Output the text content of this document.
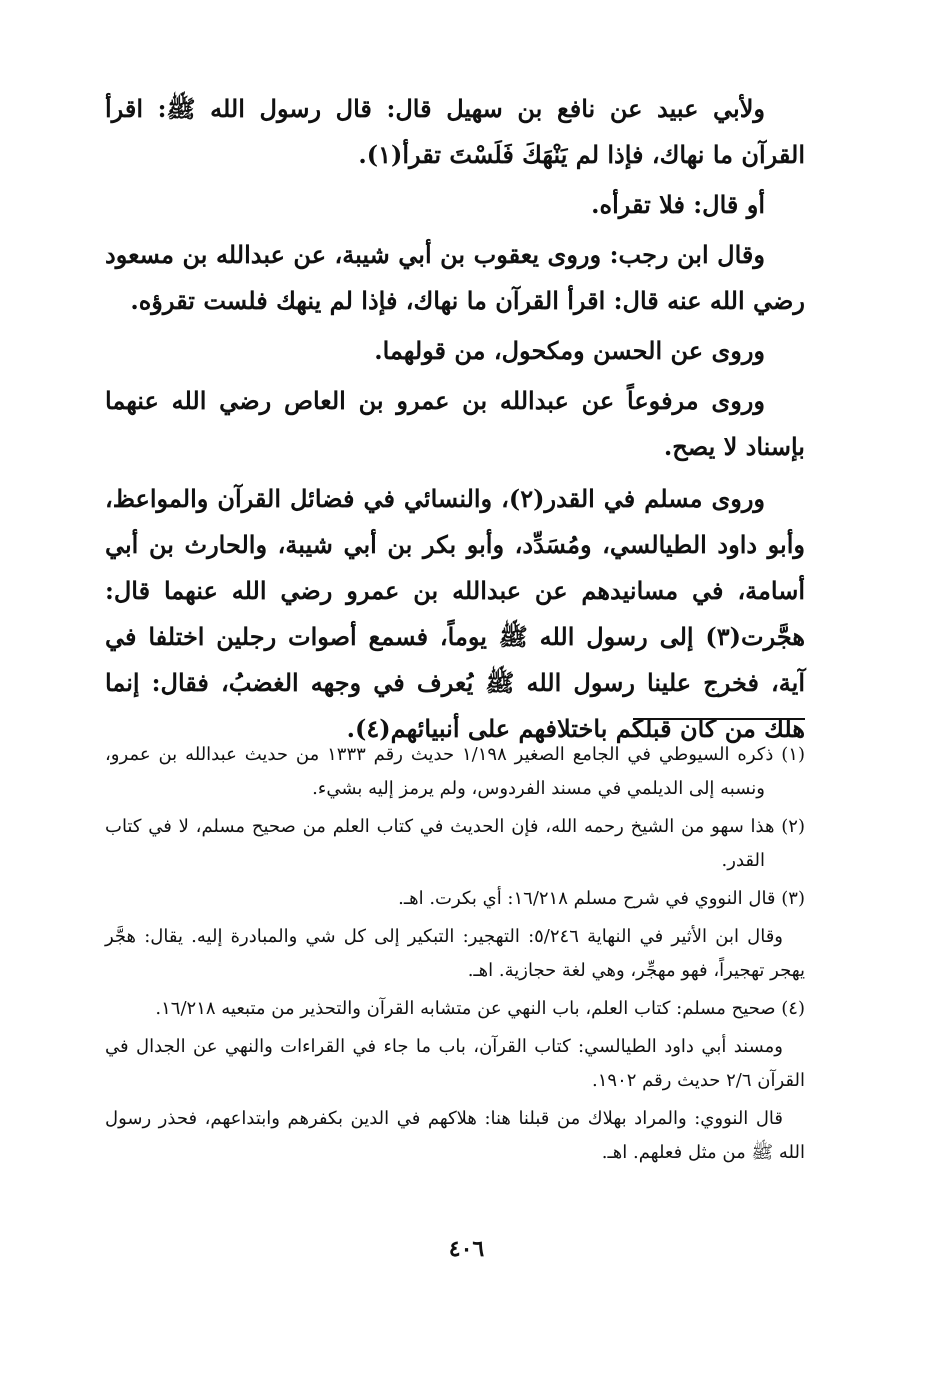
ولأبي عبيد عن نافع بن سهيل قال: قال رسول الله ﷺ: اقرأ القرآن ما نهاك، فإذا لم يَنْهَكَ فَلَسْتَ تقرأ(١).

أو قال: فلا تقرأه.

وقال ابن رجب: وروى يعقوب بن أبي شيبة، عن عبدالله بن مسعود رضي الله عنه قال: اقرأ القرآن ما نهاك، فإذا لم ينهك فلست تقرؤه.

وروى عن الحسن ومكحول، من قولهما.

وروى مرفوعاً عن عبدالله بن عمرو بن العاص رضي الله عنهما بإسناد لا يصح.

وروى مسلم في القدر(٢)، والنسائي في فضائل القرآن والمواعظ، وأبو داود الطيالسي، ومُسَدِّد، وأبو بكر بن أبي شيبة، والحارث بن أبي أسامة، في مسانيدهم عن عبدالله بن عمرو رضي الله عنهما قال: هجَّرت(٣) إلى رسول الله ﷺ يوماً، فسمع أصوات رجلين اختلفا في آية، فخرج علينا رسول الله ﷺ يُعرف في وجهه الغضبُ، فقال: إنما هلك من كان قبلكم باختلافهم على أنبيائهم(٤).

(١) ذكره السيوطي في الجامع الصغير ١/١٩٨ حديث رقم ١٣٣٣ من حديث عبدالله بن عمرو، ونسبه إلى الديلمي في مسند الفردوس، ولم يرمز إليه بشيء.

(٢) هذا سهو من الشيخ رحمه الله، فإن الحديث في كتاب العلم من صحيح مسلم، لا في كتاب القدر.

(٣) قال النووي في شرح مسلم ١٦/٢١٨: أي بكرت. اهـ.

وقال ابن الأثير في النهاية ٥/٢٤٦: التهجير: التبكير إلى كل شي والمبادرة إليه. يقال: هجَّر يهجر تهجيراً، فهو مهجِّر، وهي لغة حجازية. اهـ.

(٤) صحيح مسلم: كتاب العلم، باب النهي عن متشابه القرآن والتحذير من متبعيه ١٦/٢١٨.

ومسند أبي داود الطيالسي: كتاب القرآن، باب ما جاء في القراءات والنهي عن الجدال في القرآن ٢/٦ حديث رقم ١٩٠٢.

قال النووي: والمراد بهلاك من قبلنا هنا: هلاكهم في الدين بكفرهم وابتداعهم، فحذر رسول الله ﷺ من مثل فعلهم. اهـ.

٤٠٦
